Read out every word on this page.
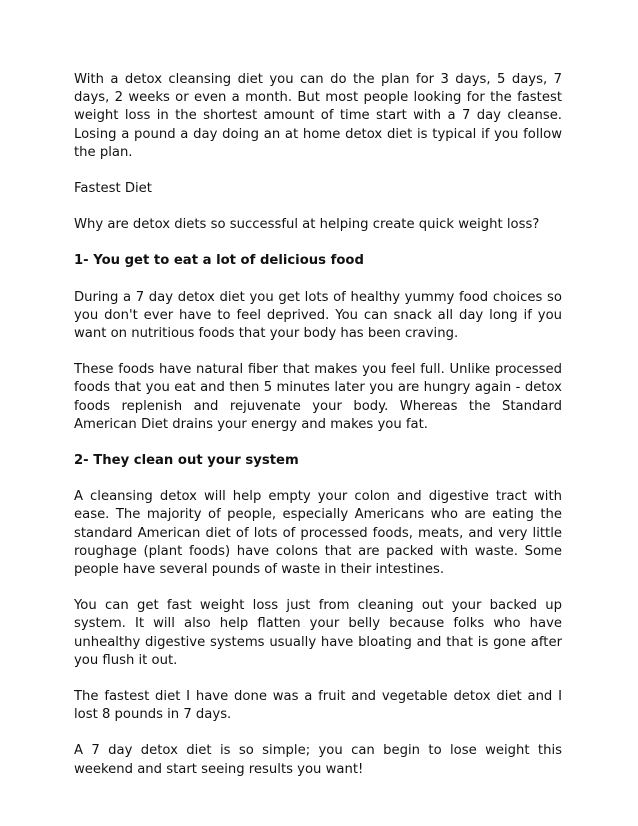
With a detox cleansing diet you can do the plan for 3 days, 5 days, 7 days, 2 weeks or even a month. But most people looking for the fastest weight loss in the shortest amount of time start with a 7 day cleanse. Losing a pound a day doing an at home detox diet is typical if you follow the plan.

Fastest Diet

Why are detox diets so successful at helping create quick weight loss?

1- You get to eat a lot of delicious food

During a 7 day detox diet you get lots of healthy yummy food choices so you don't ever have to feel deprived. You can snack all day long if you want on nutritious foods that your body has been craving.

These foods have natural fiber that makes you feel full. Unlike processed foods that you eat and then 5 minutes later you are hungry again - detox foods replenish and rejuvenate your body. Whereas the Standard American Diet drains your energy and makes you fat.

2- They clean out your system

A cleansing detox will help empty your colon and digestive tract with ease. The majority of people, especially Americans who are eating the standard American diet of lots of processed foods, meats, and very little roughage (plant foods) have colons that are packed with waste. Some people have several pounds of waste in their intestines.

You can get fast weight loss just from cleaning out your backed up system. It will also help flatten your belly because folks who have unhealthy digestive systems usually have bloating and that is gone after you flush it out.

The fastest diet I have done was a fruit and vegetable detox diet and I lost 8 pounds in 7 days.

A 7 day detox diet is so simple; you can begin to lose weight this weekend and start seeing results you want!
